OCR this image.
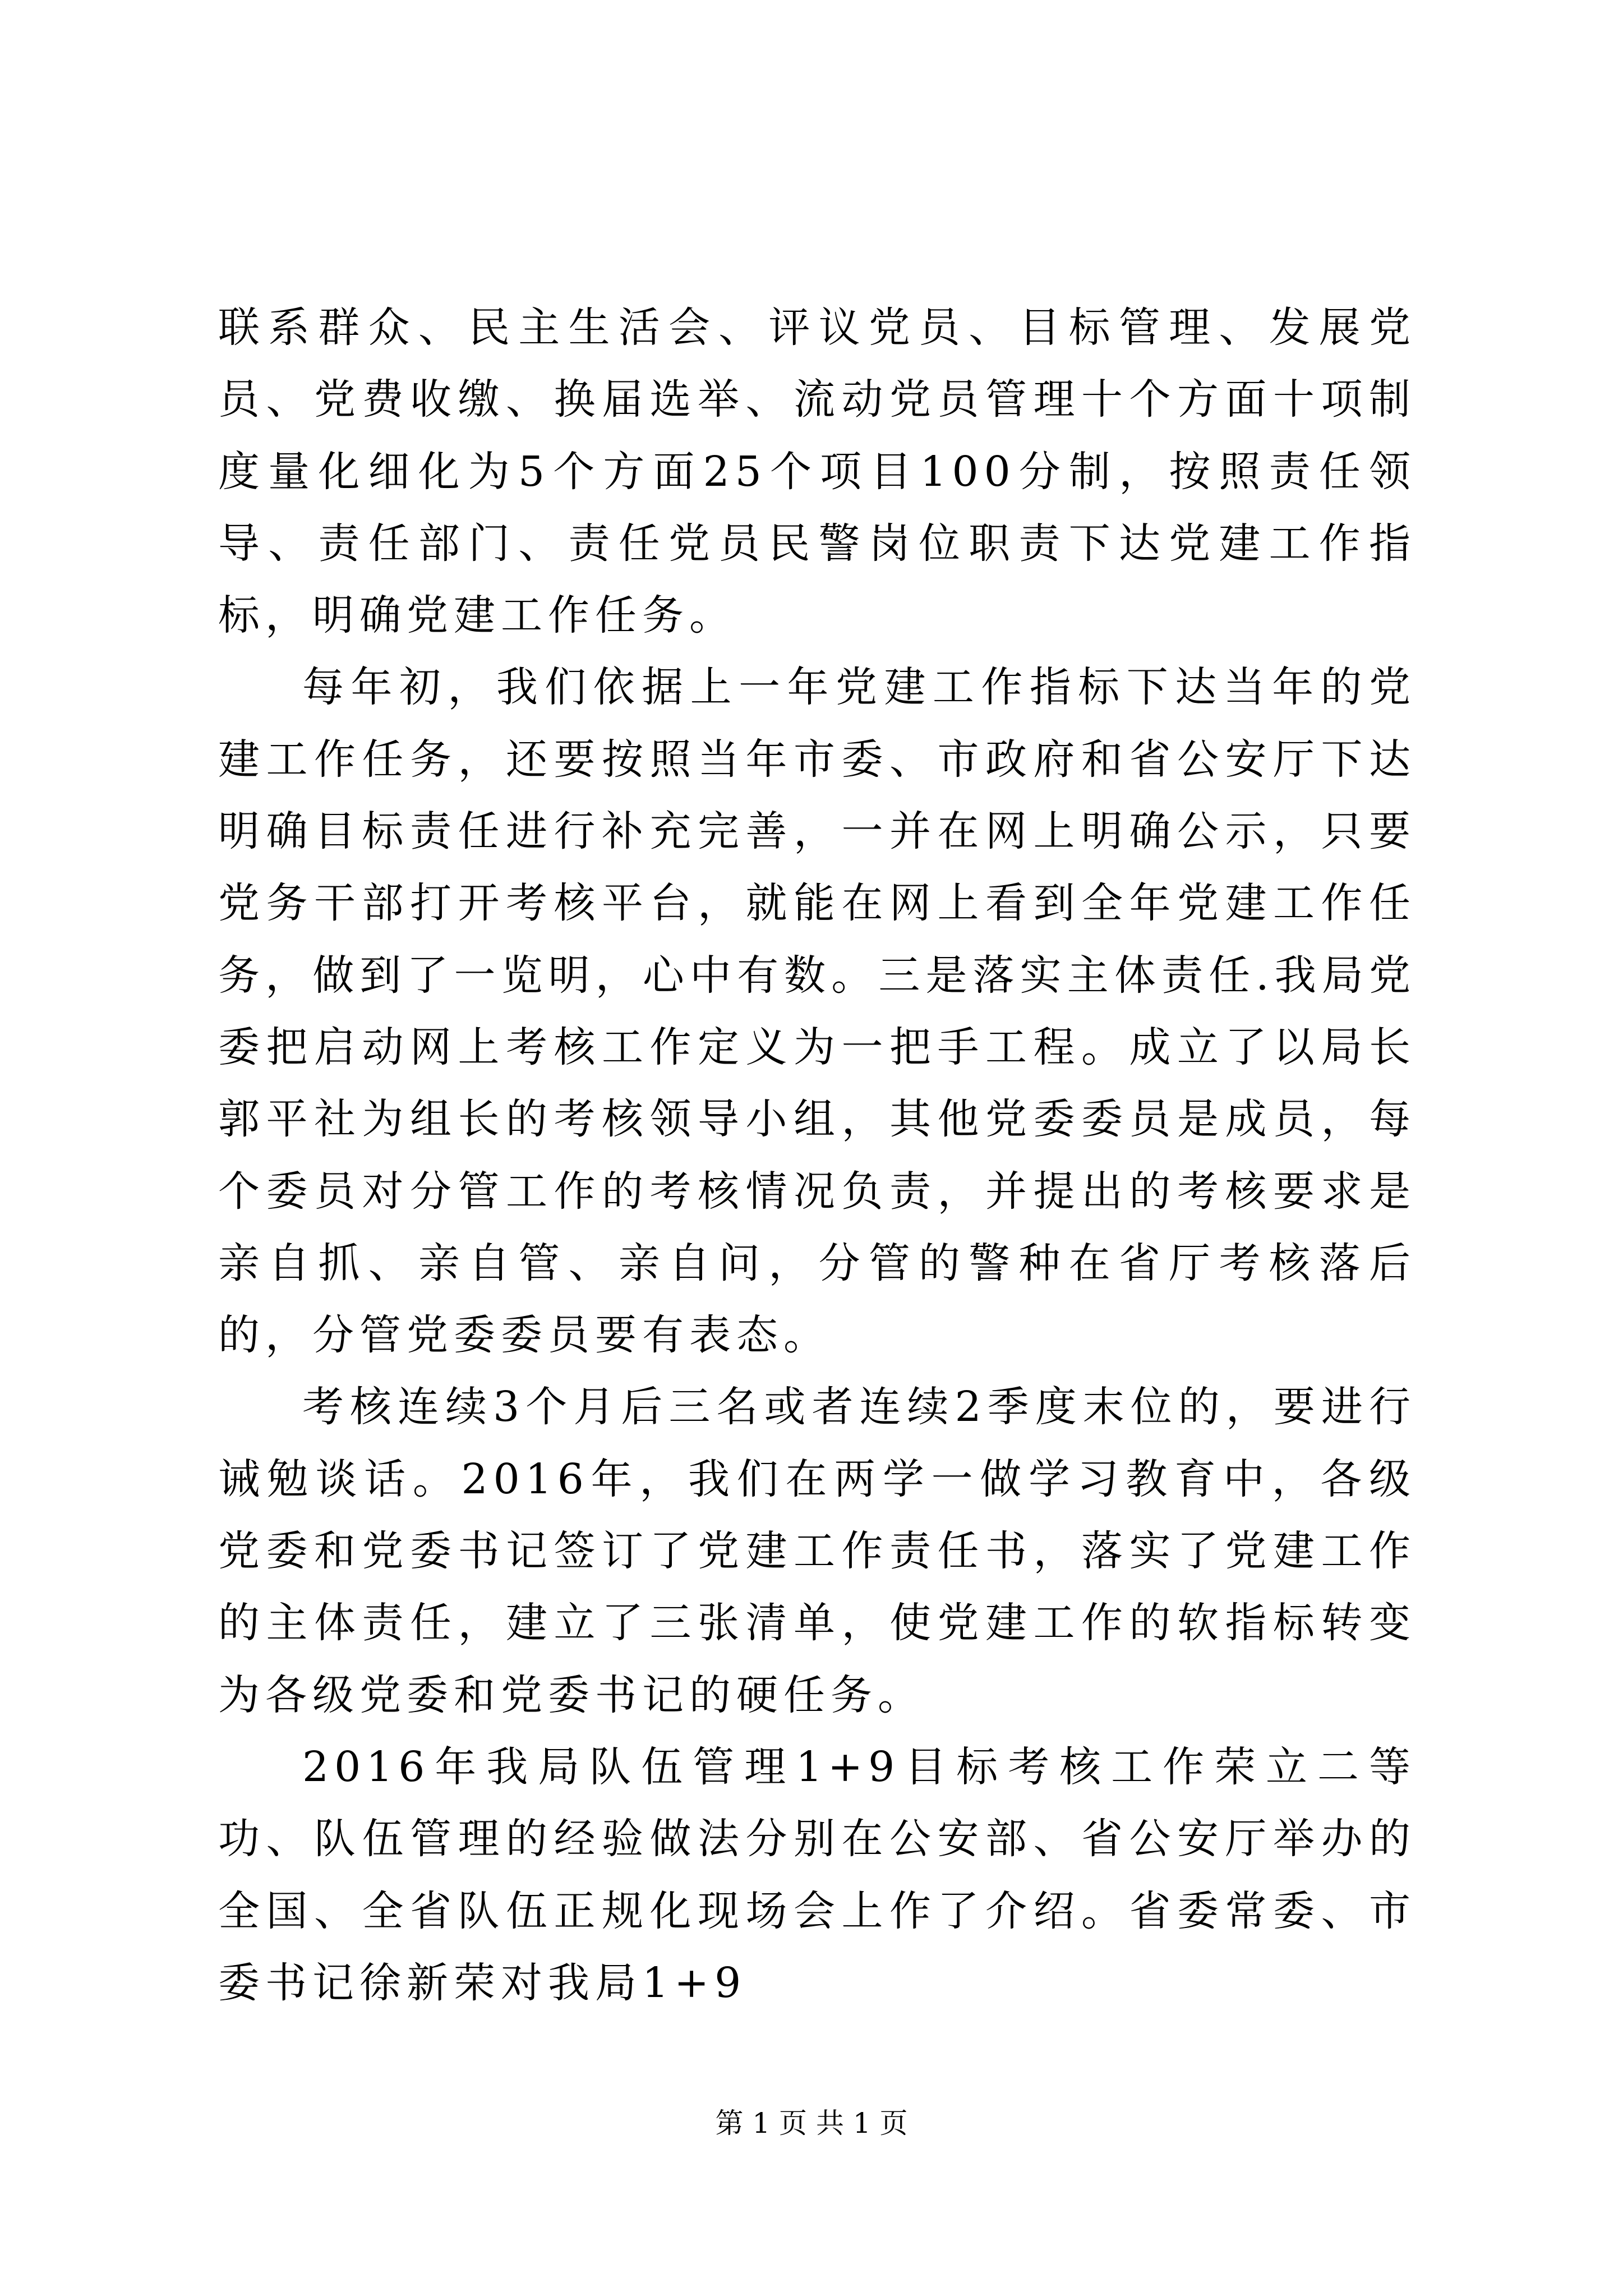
联系群众、民主生活会、评议党员、目标管理、发展党员、党费收缴、换届选举、流动党员管理十个方面十项制度量化细化为5个方面25个项目100分制，按照责任领导、责任部门、责任党员民警岗位职责下达党建工作指标，明确党建工作任务。

每年初，我们依据上一年党建工作指标下达当年的党建工作任务，还要按照当年市委、市政府和省公安厅下达明确目标责任进行补充完善，一并在网上明确公示，只要党务干部打开考核平台，就能在网上看到全年党建工作任务，做到了一览明，心中有数。三是落实主体责任.我局党委把启动网上考核工作定义为一把手工程。成立了以局长郭平社为组长的考核领导小组，其他党委委员是成员，每个委员对分管工作的考核情况负责，并提出的考核要求是亲自抓、亲自管、亲自问，分管的警种在省厅考核落后的，分管党委委员要有表态。

考核连续3个月后三名或者连续2季度末位的，要进行诫勉谈话。2016年，我们在两学一做学习教育中，各级党委和党委书记签订了党建工作责任书，落实了党建工作的主体责任，建立了三张清单，使党建工作的软指标转变为各级党委和党委书记的硬任务。

2016年我局队伍管理1+9目标考核工作荣立二等功、队伍管理的经验做法分别在公安部、省公安厅举办的全国、全省队伍正规化现场会上作了介绍。省委常委、市委书记徐新荣对我局1+9

第 1 页 共 1 页
